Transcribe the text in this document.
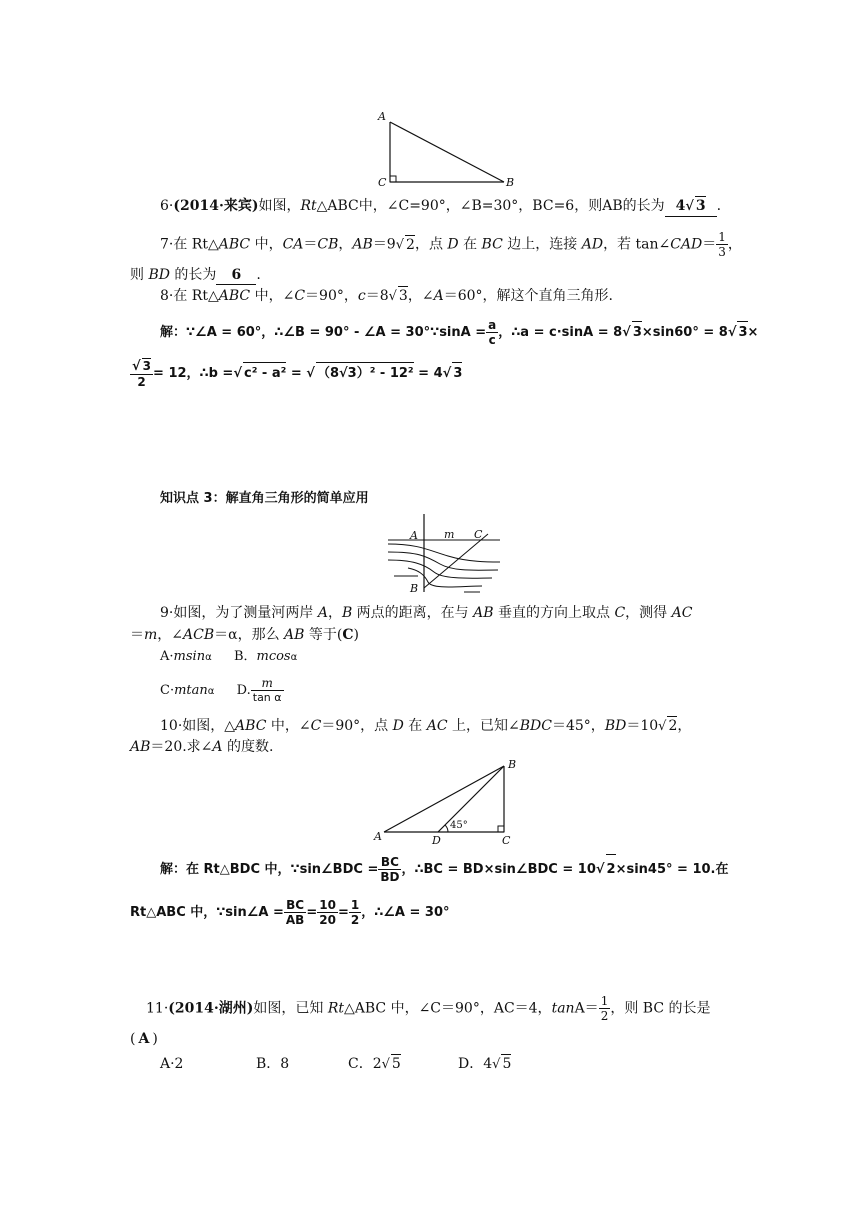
A
C	B
6·(2014·来宾)如图，Rt△ABC中，∠C=90°，∠B=30°，BC=6，则AB的长为 4√ 3 .
7·在 Rt△ABC 中，CA＝CB，AB＝9√ 2，点 D 在 BC 边上，连接 AD，若 tan∠CAD＝ $\frac{1}{3}$ ，
则 BD 的长为 6 .
8·在 Rt△ABC 中，∠C＝90°，c＝8√ 3，∠A＝60°，解这个直角三角形.
解：∵∠A = 60°，∴∠B = 90° - ∠A = 30°∵sinA = $\frac{a}{c}$ ，∴a = c·sinA = 8√ 3×sin60° = 8√ 3×
$\frac{√ 3}{2} = 12$，∴b =√ c² - a² = √ （8√3）² - 12² = 4√ 3
知识点 3：解直角三角形的简单应用
A m C
B
9·如图，为了测量河两岸 A，B 两点的距离，在与 AB 垂直的方向上取点 C，测得 AC
＝m，∠ACB＝α，那么 AB 等于(C)
A·msinα B．mcosα
C·mtanα D. $\frac{m}{\text{tan α}}$
10·如图，△ABC 中，∠C＝90°，点 D 在 AC 上，已知∠BDC＝45°，BD＝10√ 2，
AB＝20.求∠A 的度数.
A
B
C
D
45°
解：在 Rt△BDC 中，∵sin∠BDC = $\frac{BC}{BD}$ ，∴BC = BD×sin∠BDC = 10√ 2×sin45° = 10.在
Rt△ABC 中，∵sin∠A = $\frac{BC}{AB} = \frac{10}{20} = \frac{1}{2}$ ，∴∠A = 30°
11·(2014·湖州)如图，已知 Rt△ABC 中，∠C＝90°，AC＝4，$\tan A= \frac{1}{2}$ ，则 BC 的长是
( A )
A·2	B．8	C．2√ 5	D．4√ 5
